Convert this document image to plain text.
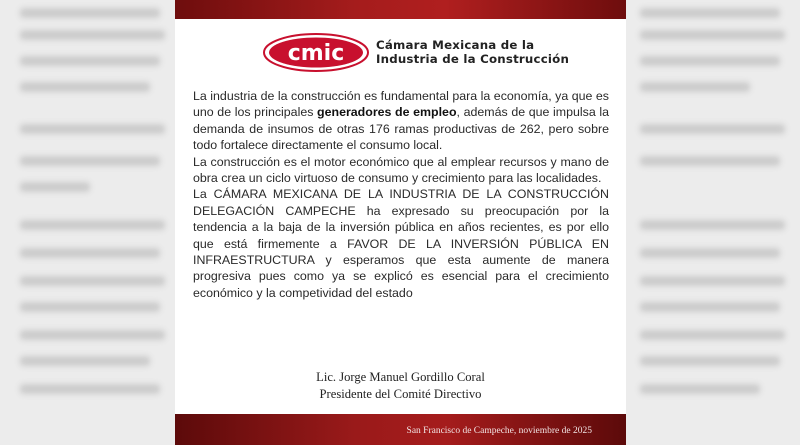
cmic	Cámara Mexicana de la
Industria de la Construcción

La industria de la construcción es fundamental para la economía, ya que es uno de los principales generadores de empleo, además de que impulsa la demanda de insumos de otras 176 ramas productivas de 262, pero sobre todo fortalece directamente el consumo local.

La construcción es el motor económico que al emplear recursos y mano de obra crea un ciclo virtuoso de consumo y crecimiento para las localidades.

La CÁMARA MEXICANA DE LA INDUSTRIA DE LA CONSTRUCCIÓN DELEGACIÓN CAMPECHE ha expresado su preocupación por la tendencia a la baja de la inversión pública en años recientes, es por ello que está firmemente a FAVOR DE LA INVERSIÓN PÚBLICA EN INFRAESTRUCTURA y esperamos que esta aumente de manera progresiva pues como ya se explicó es esencial para el crecimiento económico y la competividad del estado

Lic. Jorge Manuel Gordillo Coral
Presidente del Comité Directivo
San Francisco de Campeche, noviembre de 2025
